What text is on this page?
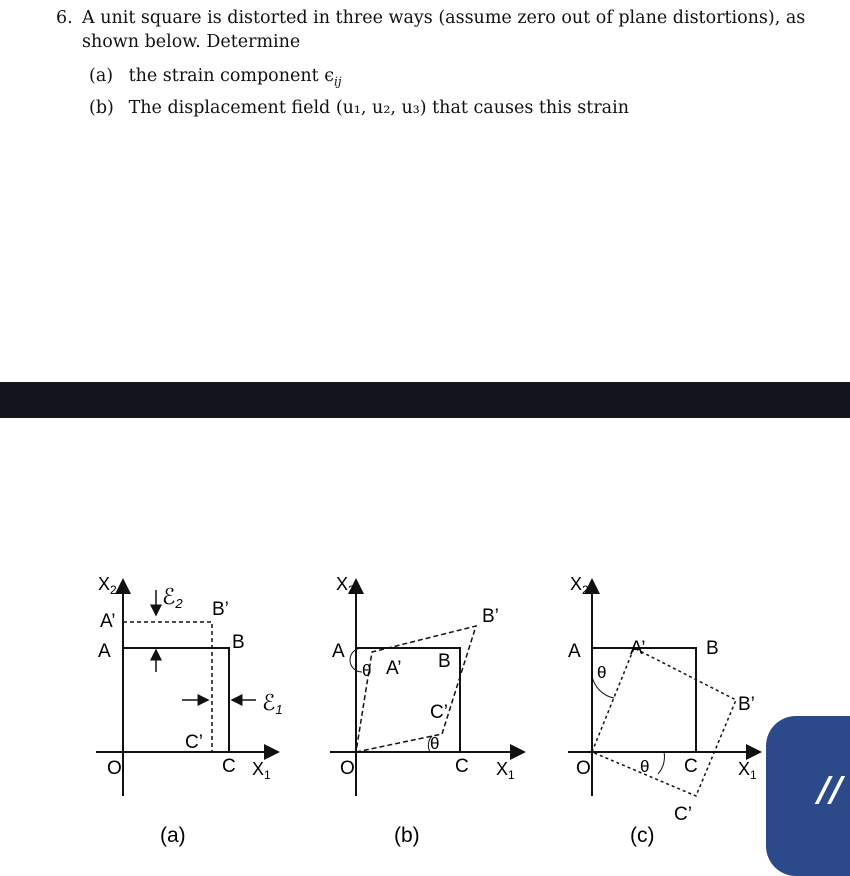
6. A unit square is distorted in three ways (assume zero out of plane distortions), as shown below. Determine
(a) the strain component $\epsilon_{ij}$
(b) The displacement field (u₁, u₂, u₃) that causes this strain
$X_2$
A’
A
B’
B
ℰ2
ℰ1
C’
O	C $X_1$
(a)
$X_2$
B’
A	B
θ A’
C’
θ
O	C $X_1$
(b)
$X_2$
A	A’	B
θ
B’
O	θ C $X_1$
C’
(c)
//
